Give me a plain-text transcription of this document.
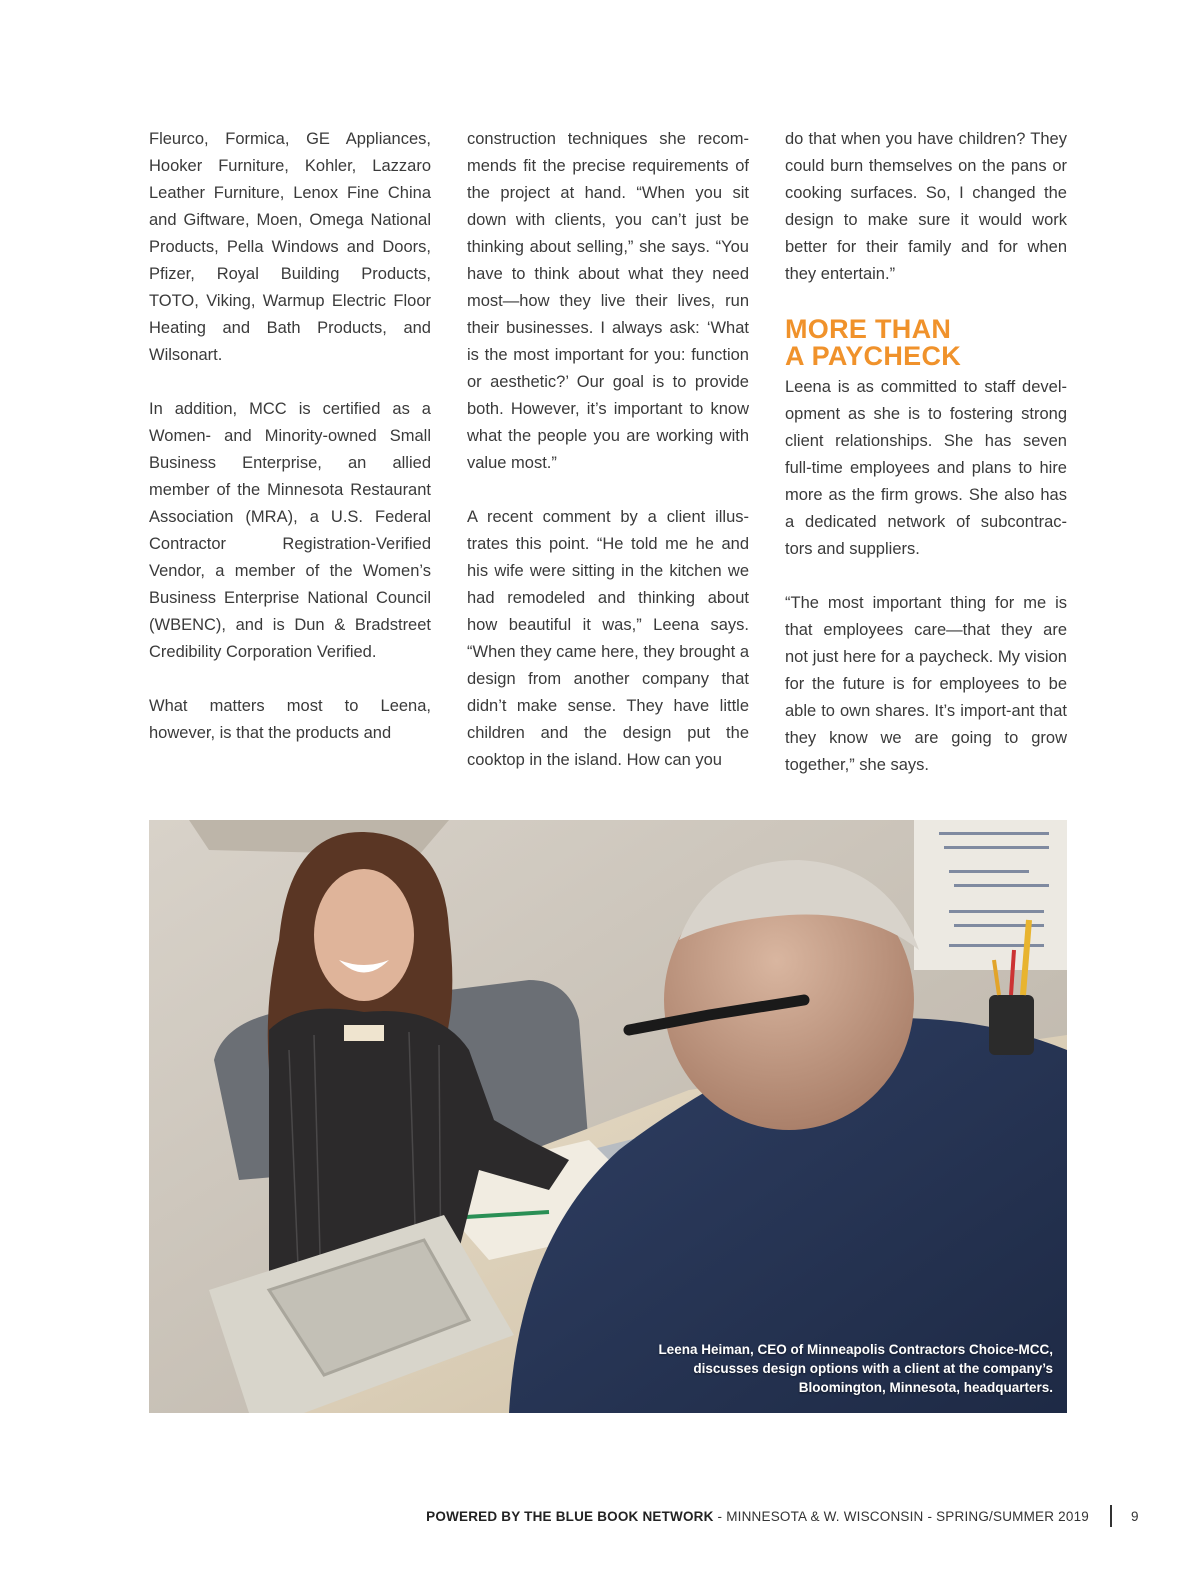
Fleurco, Formica, GE Appliances, Hooker Furniture, Kohler, Lazzaro Leather Furniture, Lenox Fine China and Giftware, Moen, Omega National Products, Pella Windows and Doors, Pfizer, Royal Building Products, TOTO, Viking, Warmup Electric Floor Heating and Bath Products, and Wilsonart.

In addition, MCC is certified as a Women- and Minority-owned Small Business Enterprise, an allied member of the Minnesota Restaurant Association (MRA), a U.S. Federal Contractor Registration-Verified Vendor, a member of the Women’s Business Enterprise National Council (WBENC), and is Dun & Bradstreet Credibility Corporation Verified.

What matters most to Leena, however, is that the products and

construction techniques she recom-mends fit the precise requirements of the project at hand. “When you sit down with clients, you can’t just be thinking about selling,” she says. “You have to think about what they need most—how they live their lives, run their businesses. I always ask: ‘What is the most important for you: function or aesthetic?’ Our goal is to provide both. However, it’s important to know what the people you are working with value most.”

A recent comment by a client illus-trates this point. “He told me he and his wife were sitting in the kitchen we had remodeled and thinking about how beautiful it was,” Leena says. “When they came here, they brought a design from another company that didn’t make sense. They have little children and the design put the cooktop in the island. How can you

do that when you have children? They could burn themselves on the pans or cooking surfaces. So, I changed the design to make sure it would work better for their family and for when they entertain.”

MORE THAN
A PAYCHECK

Leena is as committed to staff devel-opment as she is to fostering strong client relationships. She has seven full-time employees and plans to hire more as the firm grows. She also has a dedicated network of subcontrac-tors and suppliers.

“The most important thing for me is that employees care—that they are not just here for a paycheck. My vision for the future is for employees to be able to own shares. It’s import-ant that they know we are going to grow together,” she says.

Leena Heiman, CEO of Minneapolis Contractors Choice-MCC,
discusses design options with a client at the company’s
Bloomington, Minnesota, headquarters.
POWERED BY THE BLUE BOOK NETWORK - MINNESOTA & W. WISCONSIN - SPRING/SUMMER 2019	9
